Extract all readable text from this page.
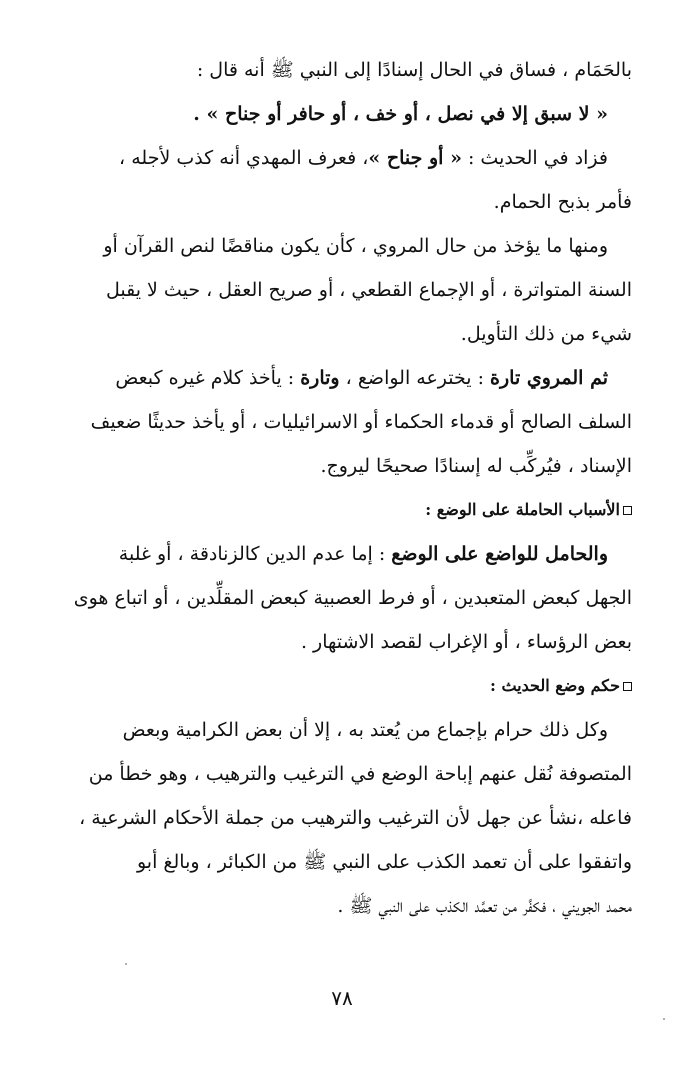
بالحَمَام ، فساق في الحال إسنادًا إلى النبي ﷺ أنه قال :
« لا سبق إلا في نصل ، أو خف ، أو حافر أو جناح » .
فزاد في الحديث : « أو جناح »، فعرف المهدي أنه كذب لأجله ،
فأمر بذبح الحمام.
ومنها ما يؤخذ من حال المروي ، كأن يكون مناقضًا لنص القرآن أو
السنة المتواترة ، أو الإجماع القطعي ، أو صريح العقل ، حيث لا يقبل
شيء من ذلك التأويل.
ثم المروي تارة : يخترعه الواضع ، وتارة : يأخذ كلام غيره كبعض
السلف الصالح أو قدماء الحكماء أو الاسرائيليات ، أو يأخذ حديثًا ضعيف
الإسناد ، فيُركِّب له إسنادًا صحيحًا ليروج.
الأسباب الحاملة على الوضع :
والحامل للواضع على الوضع : إما عدم الدين كالزنادقة ، أو غلبة
الجهل كبعض المتعبدين ، أو فرط العصبية كبعض المقلِّدين ، أو اتباع هوى
بعض الرؤساء ، أو الإغراب لقصد الاشتهار .
حكم وضع الحديث :
وكل ذلك حرام بإجماع من يُعتد به ، إلا أن بعض الكرامية وبعض
المتصوفة نُقل عنهم إباحة الوضع في الترغيب والترهيب ، وهو خطأ من
فاعله ،نشأ عن جهل لأن الترغيب والترهيب من جملة الأحكام الشرعية ،
واتفقوا على أن تعمد الكذب على النبي ﷺ من الكبائر ، وبالغ أبو
محمد الجويني ، فكفَّر من تعمَّد الكذب على النبي ﷺ .
٧٨
